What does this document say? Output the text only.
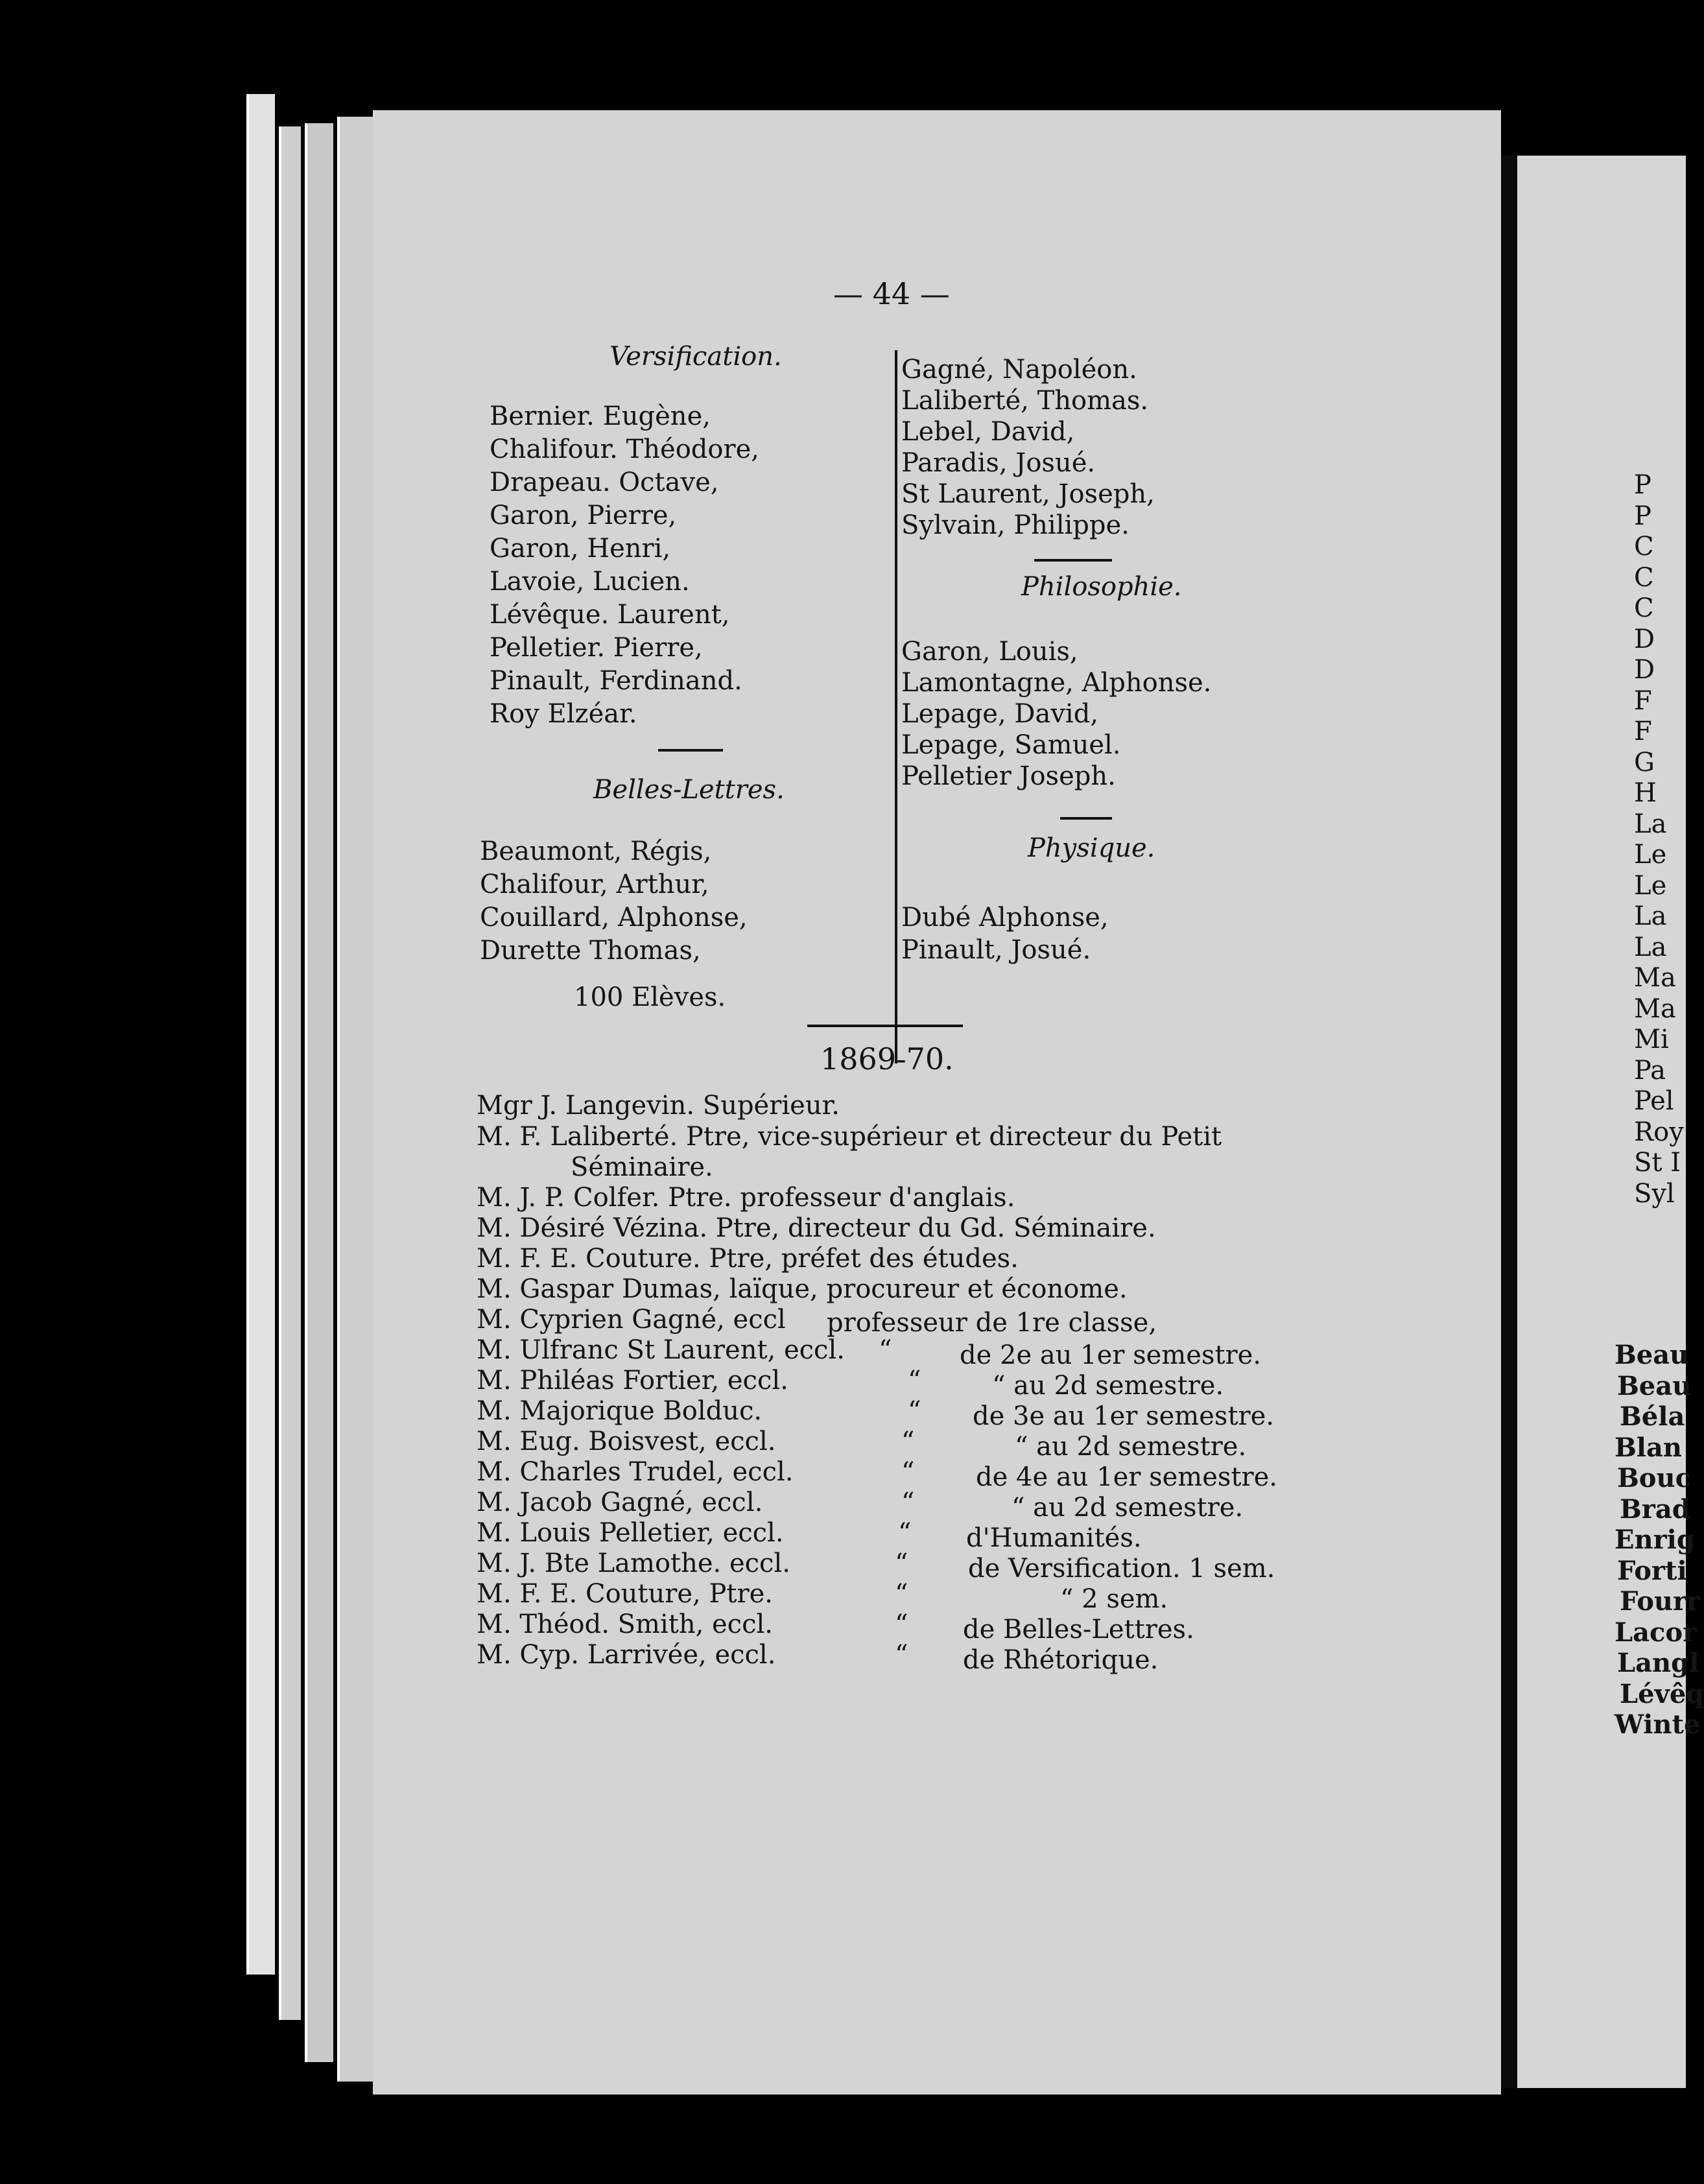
— 44 —
Versification.
Bernier. Eugène,
Chalifour. Théodore,
Drapeau. Octave,
Garon, Pierre,
Garon, Henri,
Lavoie, Lucien.
Lévêque. Laurent,
Pelletier. Pierre,
Pinault, Ferdinand.
Roy Elzéar.
Belles-Lettres.
Beaumont, Régis,
Chalifour, Arthur,
Couillard, Alphonse,
Durette Thomas,
100 Elèves.
Gagné, Napoléon.
Laliberté, Thomas.
Lebel, David,
Paradis, Josué.
St Laurent, Joseph,
Sylvain, Philippe.
Philosophie.
Garon, Louis,
Lamontagne, Alphonse.
Lepage, David,
Lepage, Samuel.
Pelletier Joseph.
Physique.
Dubé Alphonse,
Pinault, Josué.
1869-70.
Mgr J. Langevin. Supérieur.
M. F. Laliberté. Ptre, vice-supérieur et directeur du Petit
Séminaire.
M. J. P. Colfer. Ptre. professeur d'anglais.
M. Désiré Vézina. Ptre, directeur du Gd. Séminaire.
M. F. E. Couture. Ptre, préfet des études.
M. Gaspar Dumas, laïque, procureur et économe.
M. Cyprien Gagné, eccl professeur de 1re classe,
M. Ulfranc St Laurent, eccl. “	de 2e au 1er semestre.
M. Philéas Fortier, eccl.	“	“ au 2d semestre.
M. Majorique Bolduc.	“ de 3e au 1er semestre.
M. Eug. Boisvest, eccl.	“	“ au 2d semestre.
M. Charles Trudel, eccl.	“ de 4e au 1er semestre.
M. Jacob Gagné, eccl.	“	“ au 2d semestre.
M. Louis Pelletier, eccl.	“ d'Humanités.
M. J. Bte Lamothe. eccl.	“ de Versification. 1 sem.
M. F. E. Couture, Ptre.	“	“ 2 sem.
M. Théod. Smith, eccl.	“ de Belles-Lettres.
M. Cyp. Larrivée, eccl.	“ de Rhétorique.
P
P
C
C
C
D
D
F
F
G
H
La
Le
Le
La
La
Ma
Ma
Mi
Pa
Pel
Roy
St I
Syl
Beau
Beau
Béla
Blan
Bouc
Brad
Enrig
Forti
Fourr
Lacor
Langl
Lévêq
Winte
